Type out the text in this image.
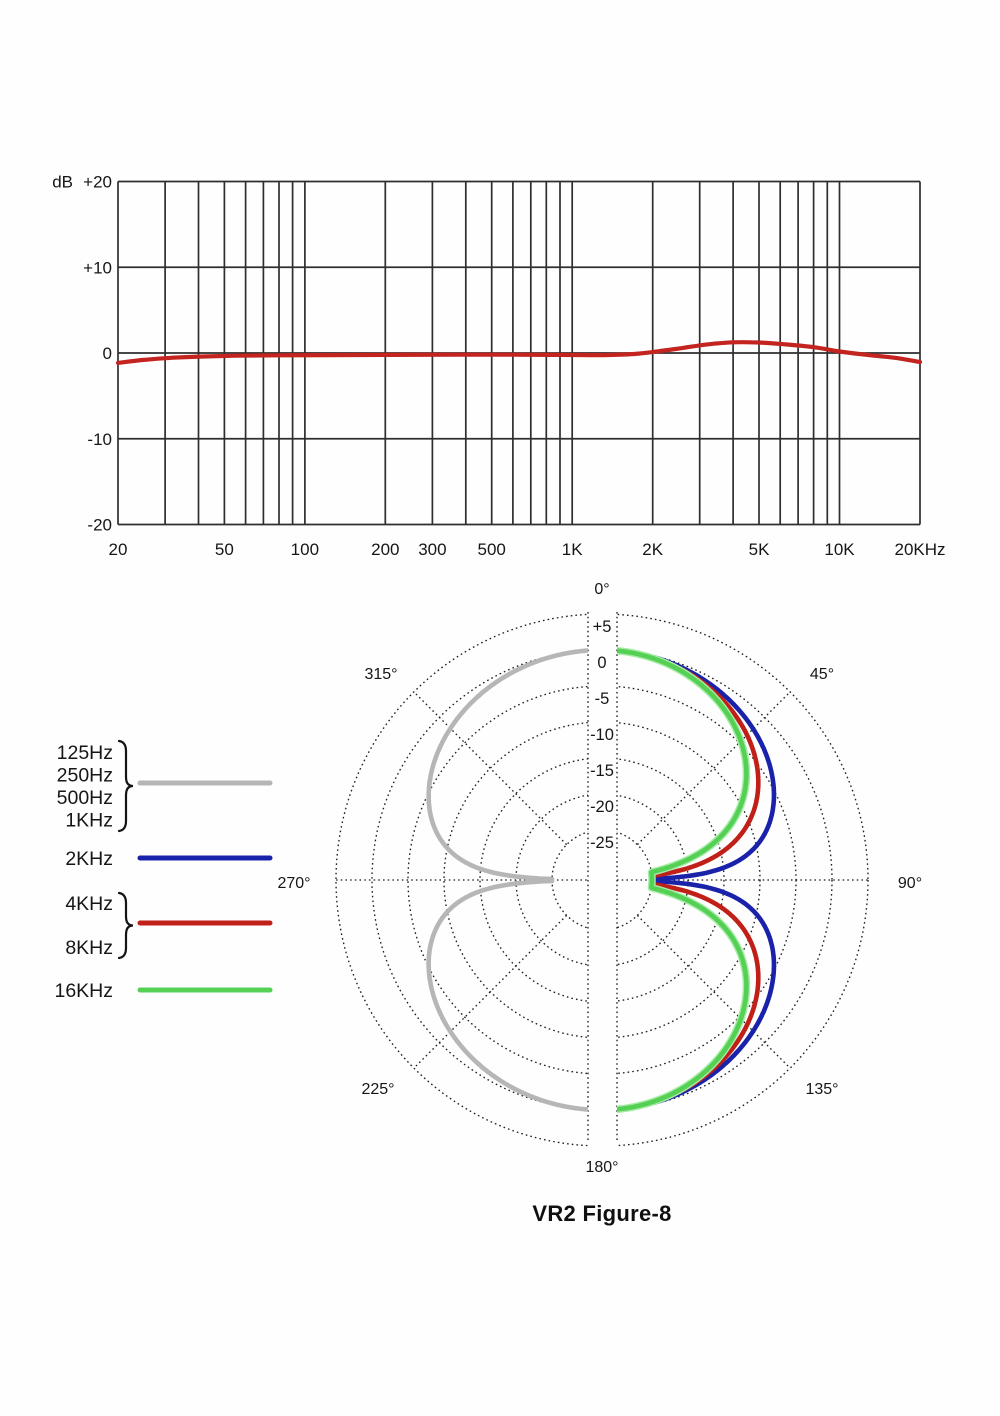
dB +20
+10
0
-10
-20
20	50	100	200 300 500	1K	2K	5K	10K 20KHz
+5
0
-5
-10
-15
-20
-25
0°
45°
90°
135°
180°
225°
270°
315°
125Hz
250Hz
500Hz
1KHz
2KHz
4KHz
8KHz
16KHz
VR2 Figure-8
